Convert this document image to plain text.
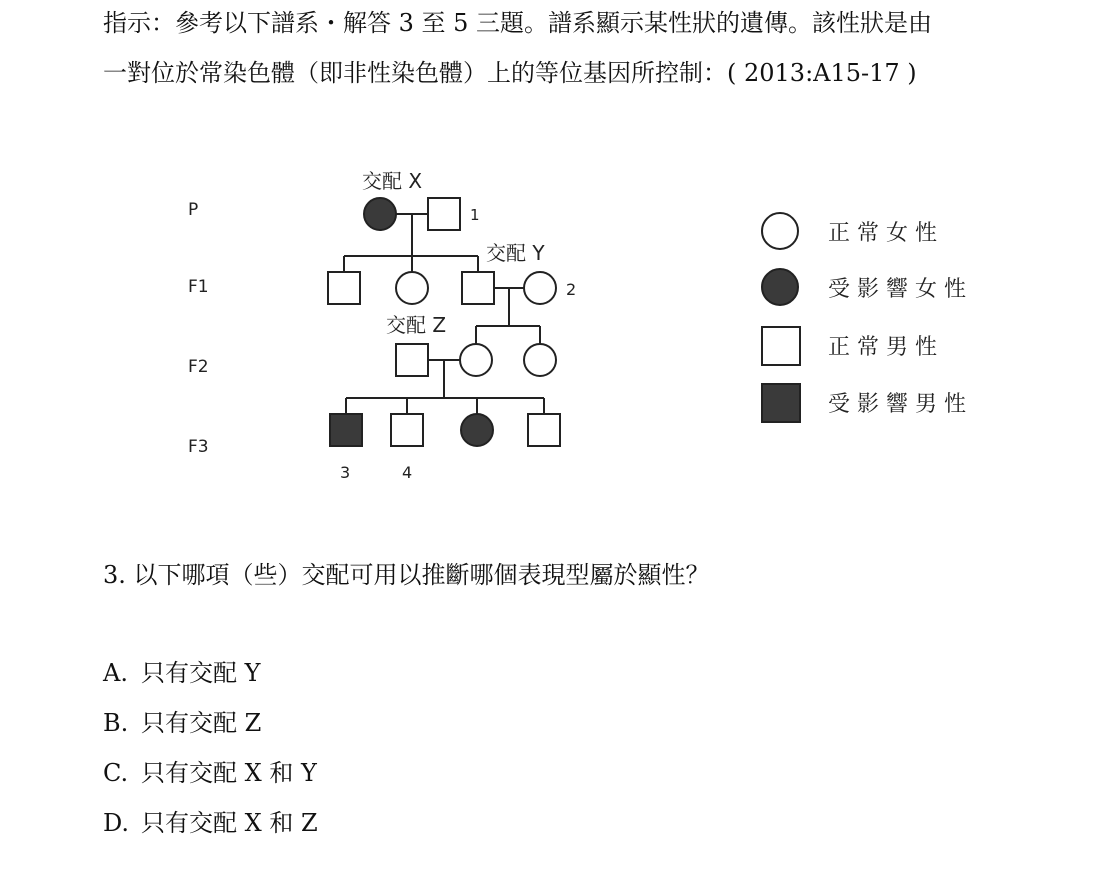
指示：參考以下譜系・解答 3 至 5 三題。譜系顯示某性狀的遺傳。該性狀是由
一對位於常染色體（即非性染色體）上的等位基因所控制：( 2013:A15-17 )
P
F1
F2
F3
交配 X
交配 Y
交配 Z
1
2
3	4
正 常 女 性
受 影 響 女 性
正 常 男 性
受 影 響 男 性
3. 以下哪項（些）交配可用以推斷哪個表現型屬於顯性？
A. 只有交配 Y
B. 只有交配 Z
C. 只有交配 X 和 Y
D. 只有交配 X 和 Z
